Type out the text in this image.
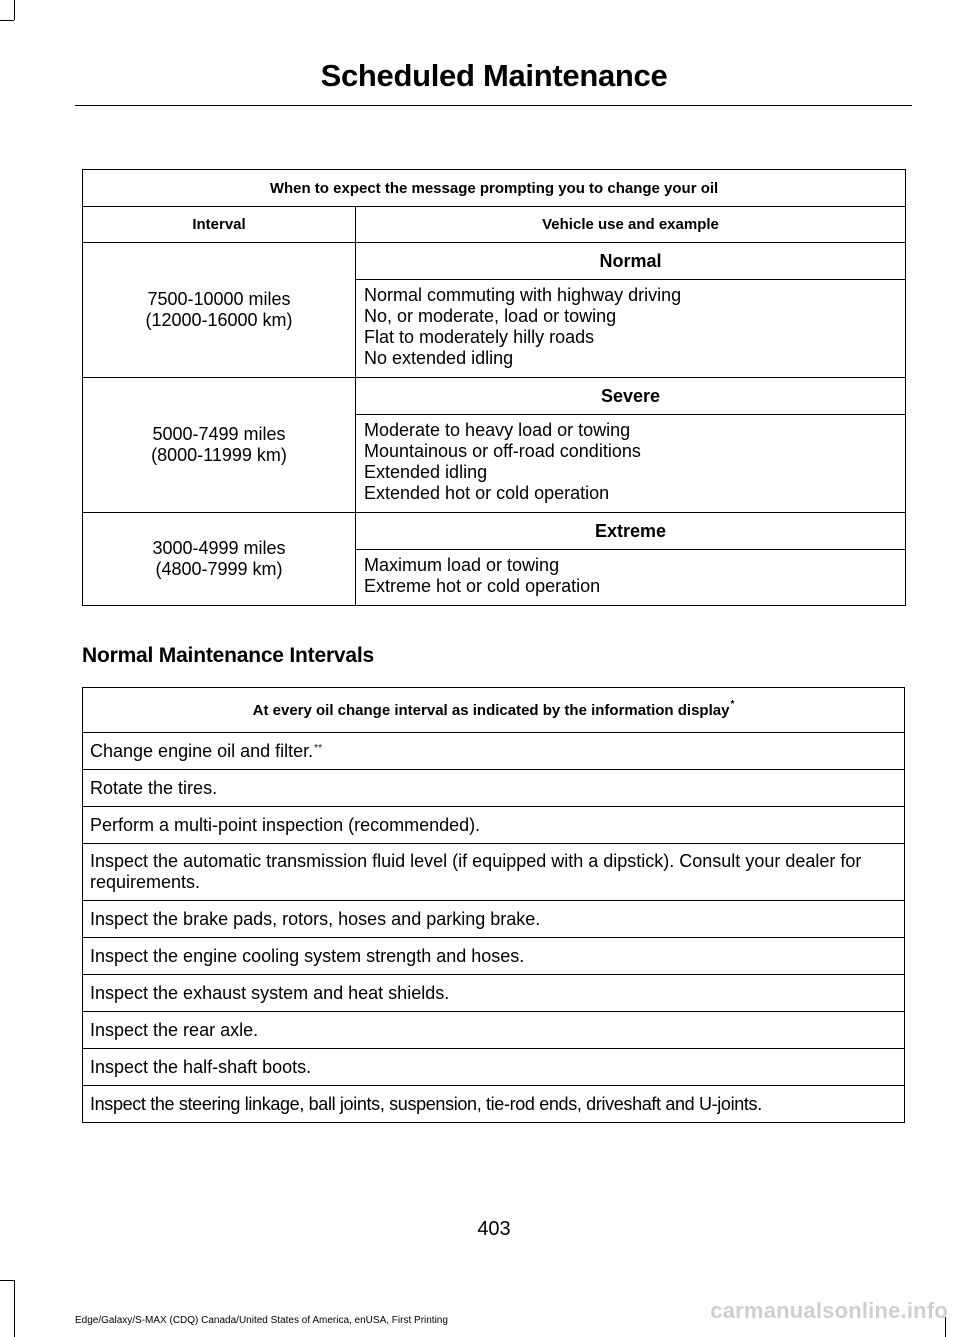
Scheduled Maintenance
When to expect the message prompting you to change your oil	
Interval	Vehicle use and example

7500-10000 miles
(12000-16000 km)	Normal

	Normal commuting with highway driving
No, or moderate, load or towing
Flat to moderately hilly roads
No extended idling

5000-7499 miles
(8000-11999 km)	Severe

	Moderate to heavy load or towing
Mountainous or off-road conditions
Extended idling
Extended hot or cold operation

3000-4999 miles
(4800-7999 km)	Extreme

	Maximum load or towing
Extreme hot or cold operation
Normal Maintenance Intervals
At every oil change interval as indicated by the information display*
Change engine oil and filter.**
Rotate the tires.
Perform a multi-point inspection (recommended).
Inspect the automatic transmission fluid level (if equipped with a dipstick). Consult your dealer for requirements.
Inspect the brake pads, rotors, hoses and parking brake.
Inspect the engine cooling system strength and hoses.
Inspect the exhaust system and heat shields.
Inspect the rear axle.
Inspect the half-shaft boots.
Inspect the steering linkage, ball joints, suspension, tie-rod ends, driveshaft and U-joints.
403
Edge/Galaxy/S-MAX (CDQ) Canada/United States of America, enUSA, First Printing	carmanualsonline.info
